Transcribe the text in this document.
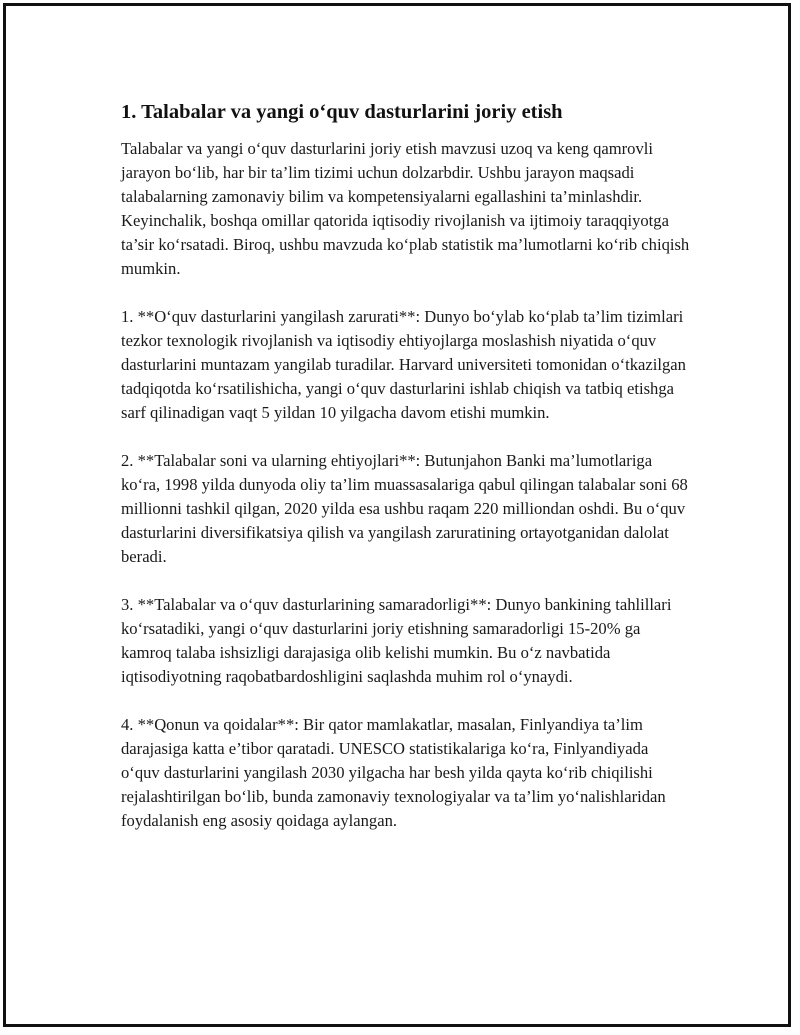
1. Talabalar va yangi o‘quv dasturlarini joriy etish

Talabalar va yangi o‘quv dasturlarini joriy etish mavzusi uzoq va keng qamrovli jarayon bo‘lib, har bir ta’lim tizimi uchun dolzarbdir. Ushbu jarayon maqsadi talabalarning zamonaviy bilim va kompetensiyalarni egallashini ta’minlashdir. Keyinchalik, boshqa omillar qatorida iqtisodiy rivojlanish va ijtimoiy taraqqiyotga ta’sir ko‘rsatadi. Biroq, ushbu mavzuda ko‘plab statistik ma’lumotlarni ko‘rib chiqish mumkin.

1. **O‘quv dasturlarini yangilash zarurati**: Dunyo bo‘ylab ko‘plab ta’lim tizimlari tezkor texnologik rivojlanish va iqtisodiy ehtiyojlarga moslashish niyatida o‘quv dasturlarini muntazam yangilab turadilar. Harvard universiteti tomonidan o‘tkazilgan tadqiqotda ko‘rsatilishicha, yangi o‘quv dasturlarini ishlab chiqish va tatbiq etishga sarf qilinadigan vaqt 5 yildan 10 yilgacha davom etishi mumkin.

2. **Talabalar soni va ularning ehtiyojlari**: Butunjahon Banki ma’lumotlariga ko‘ra, 1998 yilda dunyoda oliy ta’lim muassasalariga qabul qilingan talabalar soni 68 millionni tashkil qilgan, 2020 yilda esa ushbu raqam 220 milliondan oshdi. Bu o‘quv dasturlarini diversifikatsiya qilish va yangilash zaruratining ortayotganidan dalolat beradi.

3. **Talabalar va o‘quv dasturlarining samaradorligi**: Dunyo bankining tahlillari ko‘rsatadiki, yangi o‘quv dasturlarini joriy etishning samaradorligi 15-20% ga kamroq talaba ishsizligi darajasiga olib kelishi mumkin. Bu o‘z navbatida iqtisodiyotning raqobatbardoshligini saqlashda muhim rol o‘ynaydi.

4. **Qonun va qoidalar**: Bir qator mamlakatlar, masalan, Finlyandiya ta’lim darajasiga katta e’tibor qaratadi. UNESCO statistikalariga ko‘ra, Finlyandiyada o‘quv dasturlarini yangilash 2030 yilgacha har besh yilda qayta ko‘rib chiqilishi rejalashtirilgan bo‘lib, bunda zamonaviy texnologiyalar va ta’lim yo‘nalishlaridan foydalanish eng asosiy qoidaga aylangan.
